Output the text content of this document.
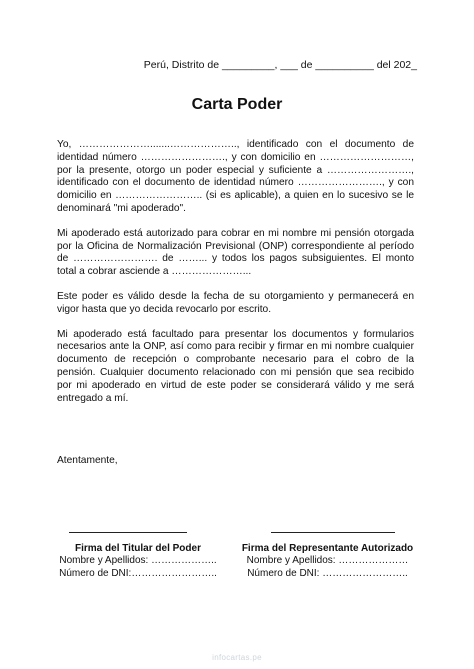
Perú, Distrito de _________, ___ de __________ del 202_
Carta Poder

Yo, ………………….......……………….., identificado con el documento de identidad número ……………………., y con domicilio en ………………………, por la presente, otorgo un poder especial y suficiente a ……………………., identificado con el documento de identidad número ……………………., y con domicilio en …………………….. (si es aplicable), a quien en lo sucesivo se le denominará "mi apoderado".

Mi apoderado está autorizado para cobrar en mi nombre mi pensión otorgada por la Oficina de Normalización Previsional (ONP) correspondiente al período de ……………………. de ……... y todos los pagos subsiguientes. El monto total a cobrar asciende a …………………...

Este poder es válido desde la fecha de su otorgamiento y permanecerá en vigor hasta que yo decida revocarlo por escrito.

Mi apoderado está facultado para presentar los documentos y formularios necesarios ante la ONP, así como para recibir y firmar en mi nombre cualquier documento de recepción o comprobante necesario para el cobro de la pensión. Cualquier documento relacionado con mi pensión que sea recibido por mi apoderado en virtud de este poder se considerará válido y me será entregado a mí.

Atentamente,
Firma del Titular del Poder
Nombre y Apellidos: ………………..
Número de DNI:……………………..
Firma del Representante Autorizado
Nombre y Apellidos: …………………
Número de DNI: ……………………..
infocartas.pe
